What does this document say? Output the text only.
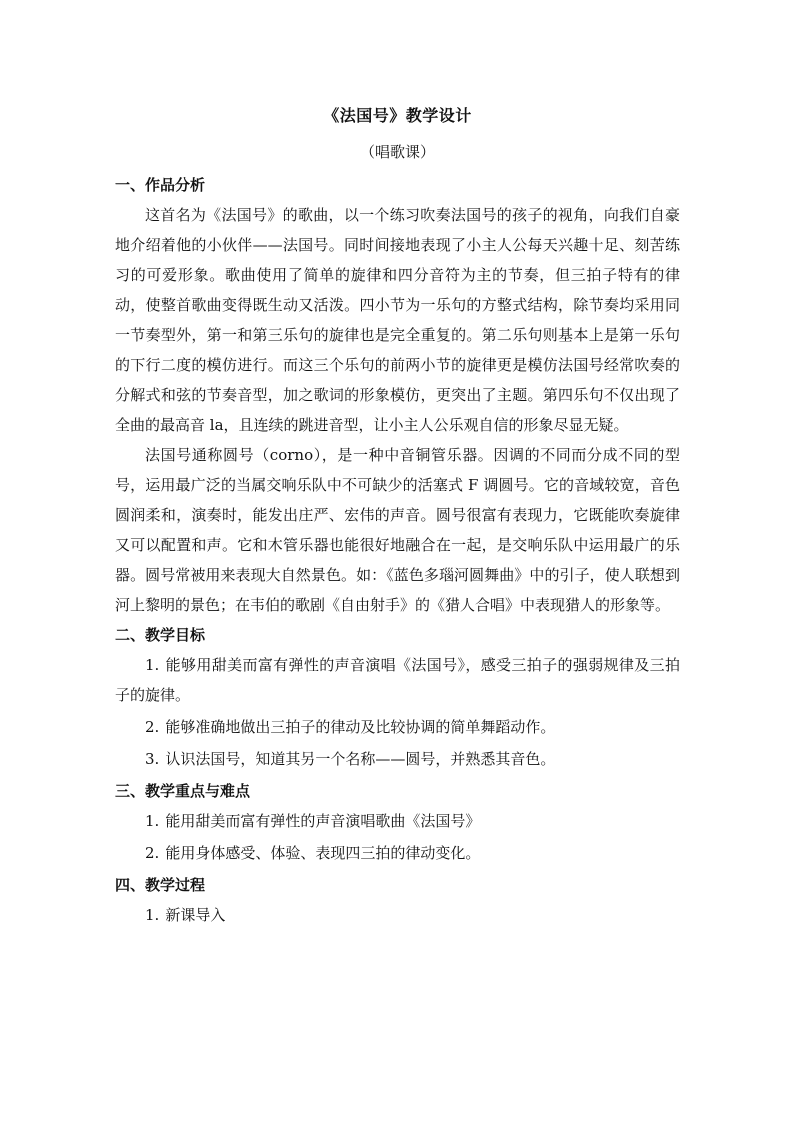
《法国号》教学设计
（唱歌课）
一、作品分析

这首名为《法国号》的歌曲，以一个练习吹奏法国号的孩子的视角，向我们自豪地介绍着他的小伙伴——法国号。同时间接地表现了小主人公每天兴趣十足、刻苦练习的可爱形象。歌曲使用了简单的旋律和四分音符为主的节奏，但三拍子特有的律动，使整首歌曲变得既生动又活泼。四小节为一乐句的方整式结构，除节奏均采用同一节奏型外，第一和第三乐句的旋律也是完全重复的。第二乐句则基本上是第一乐句的下行二度的模仿进行。而这三个乐句的前两小节的旋律更是模仿法国号经常吹奏的分解式和弦的节奏音型，加之歌词的形象模仿，更突出了主题。第四乐句不仅出现了全曲的最高音 la，且连续的跳进音型，让小主人公乐观自信的形象尽显无疑。

法国号通称圆号（corno），是一种中音铜管乐器。因调的不同而分成不同的型号，运用最广泛的当属交响乐队中不可缺少的活塞式 F 调圆号。它的音域较宽，音色圆润柔和，演奏时，能发出庄严、宏伟的声音。圆号很富有表现力，它既能吹奏旋律又可以配置和声。它和木管乐器也能很好地融合在一起，是交响乐队中运用最广的乐器。圆号常被用来表现大自然景色。如：《蓝色多瑙河圆舞曲》中的引子，使人联想到河上黎明的景色；在韦伯的歌剧《自由射手》的《猎人合唱》中表现猎人的形象等。

二、教学目标

1. 能够用甜美而富有弹性的声音演唱《法国号》，感受三拍子的强弱规律及三拍子的旋律。

2. 能够准确地做出三拍子的律动及比较协调的简单舞蹈动作。

3. 认识法国号，知道其另一个名称——圆号，并熟悉其音色。

三、教学重点与难点

1. 能用甜美而富有弹性的声音演唱歌曲《法国号》

2. 能用身体感受、体验、表现四三拍的律动变化。

四、教学过程

1. 新课导入
